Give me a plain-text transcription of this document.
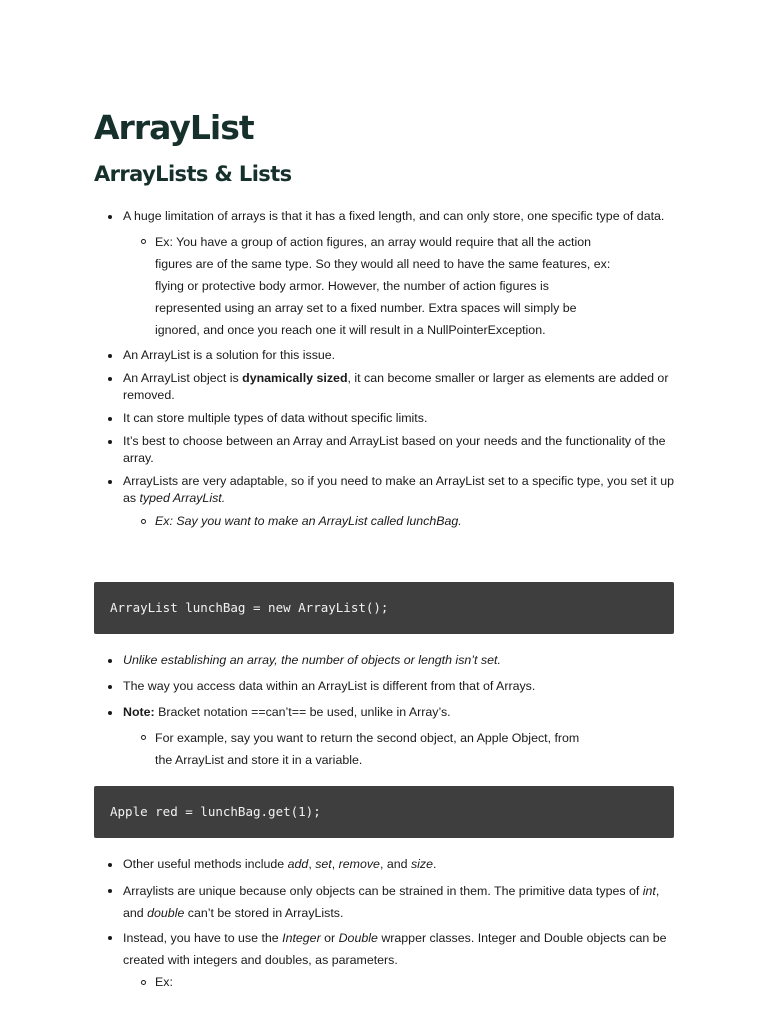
ArrayList
ArrayLists & Lists
A huge limitation of arrays is that it has a fixed length, and can only store, one specific type of data.
Ex: You have a group of action figures, an array would require that all the action figures are of the same type. So they would all need to have the same features, ex: flying or protective body armor. However, the number of action figures is represented using an array set to a fixed number. Extra spaces will simply be ignored, and once you reach one it will result in a NullPointerException.
An ArrayList is a solution for this issue.
An ArrayList object is dynamically sized, it can become smaller or larger as elements are added or removed.
It can store multiple types of data without specific limits.
It’s best to choose between an Array and ArrayList based on your needs and the functionality of the array.
ArrayLists are very adaptable, so if you need to make an ArrayList set to a specific type, you set it up as typed ArrayList.
Ex: Say you want to make an ArrayList called lunchBag.
ArrayList lunchBag = new ArrayList();
Unlike establishing an array, the number of objects or length isn’t set.
The way you access data within an ArrayList is different from that of Arrays.
Note: Bracket notation ==can’t== be used, unlike in Array’s.
For example, say you want to return the second object, an Apple Object, from the ArrayList and store it in a variable.
Apple red = lunchBag.get(1);
Other useful methods include add, set, remove, and size.
Arraylists are unique because only objects can be strained in them. The primitive data types of int, and double can’t be stored in ArrayLists.
Instead, you have to use the Integer or Double wrapper classes. Integer and Double objects can be created with integers and doubles, as parameters.
Ex:
